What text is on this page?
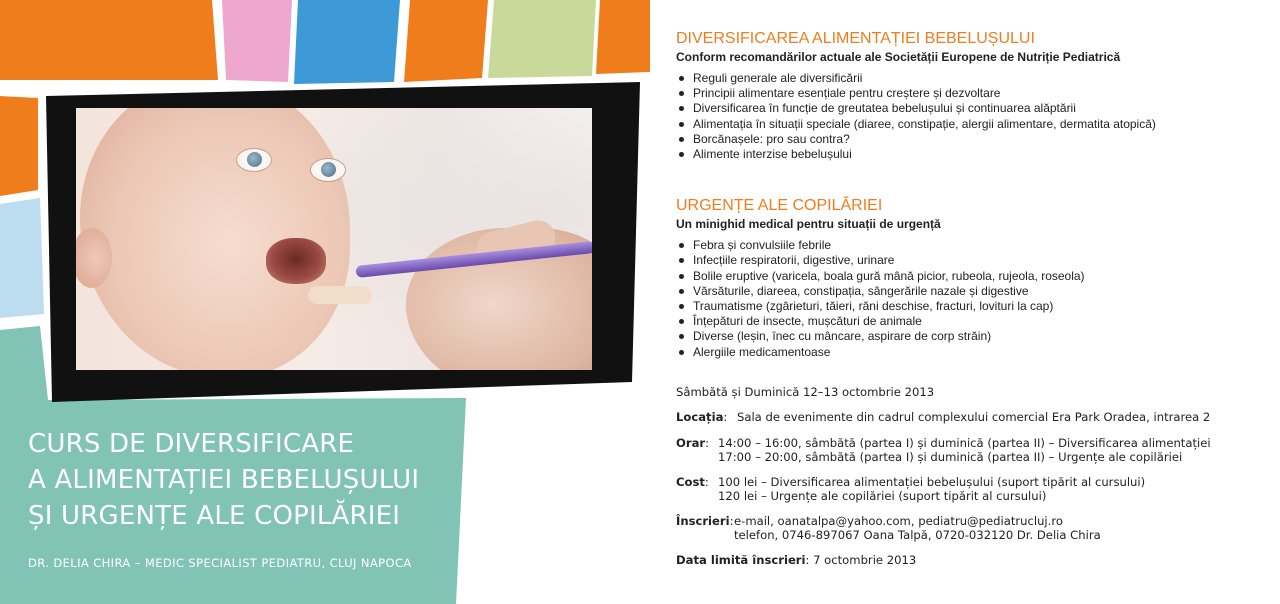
CURS DE DIVERSIFICARE
A ALIMENTAȚIEI BEBELUȘULUI
ȘI URGENȚE ALE COPILĂRIEI
DR. DELIA CHIRA – MEDIC SPECIALIST PEDIATRU, CLUJ NAPOCA
DIVERSIFICAREA ALIMENTAȚIEI BEBELUȘULUI
Conform recomandărilor actuale ale Societății Europene de Nutriție Pediatrică
Reguli generale ale diversificării
Principii alimentare esențiale pentru creștere și dezvoltare
Diversificarea în funcție de greutatea bebelușului și continuarea alăptării
Alimentația în situații speciale (diaree, constipație, alergii alimentare, dermatita atopică)
Borcănașele: pro sau contra?
Alimente interzise bebelușului
URGENȚE ALE COPILĂRIEI
Un minighid medical pentru situații de urgență
Febra și convulsiile febrile
Infecțiile respiratorii, digestive, urinare
Bolile eruptive (varicela, boala gură mână picior, rubeola, rujeola, roseola)
Vărsăturile, diareea, constipația, sângerările nazale și digestive
Traumatisme (zgârieturi, tăieri, răni deschise, fracturi, lovituri la cap)
Înțepături de insecte, mușcături de animale
Diverse (leșin, înec cu mâncare, aspirare de corp străin)
Alergiile medicamentoase
Sâmbătă și Duminică 12–13 octombrie 2013
Locația: Sala de evenimente din cadrul complexului comercial Era Park Oradea, intrarea 2
Orar: 14:00 – 16:00, sâmbătă (partea I) și duminică (partea II) – Diversificarea alimentației
17:00 – 20:00, sâmbătă (partea I) și duminică (partea II) – Urgențe ale copilăriei
Cost: 100 lei – Diversificarea alimentației bebelușului (suport tipărit al cursului)
120 lei – Urgențe ale copilăriei (suport tipărit al cursului)
Înscrieri: e-mail, oanatalpa@yahoo.com, pediatru@pediatrucluj.ro
telefon, 0746-897067 Oana Talpă, 0720-032120 Dr. Delia Chira
Data limită înscrieri: 7 octombrie 2013
